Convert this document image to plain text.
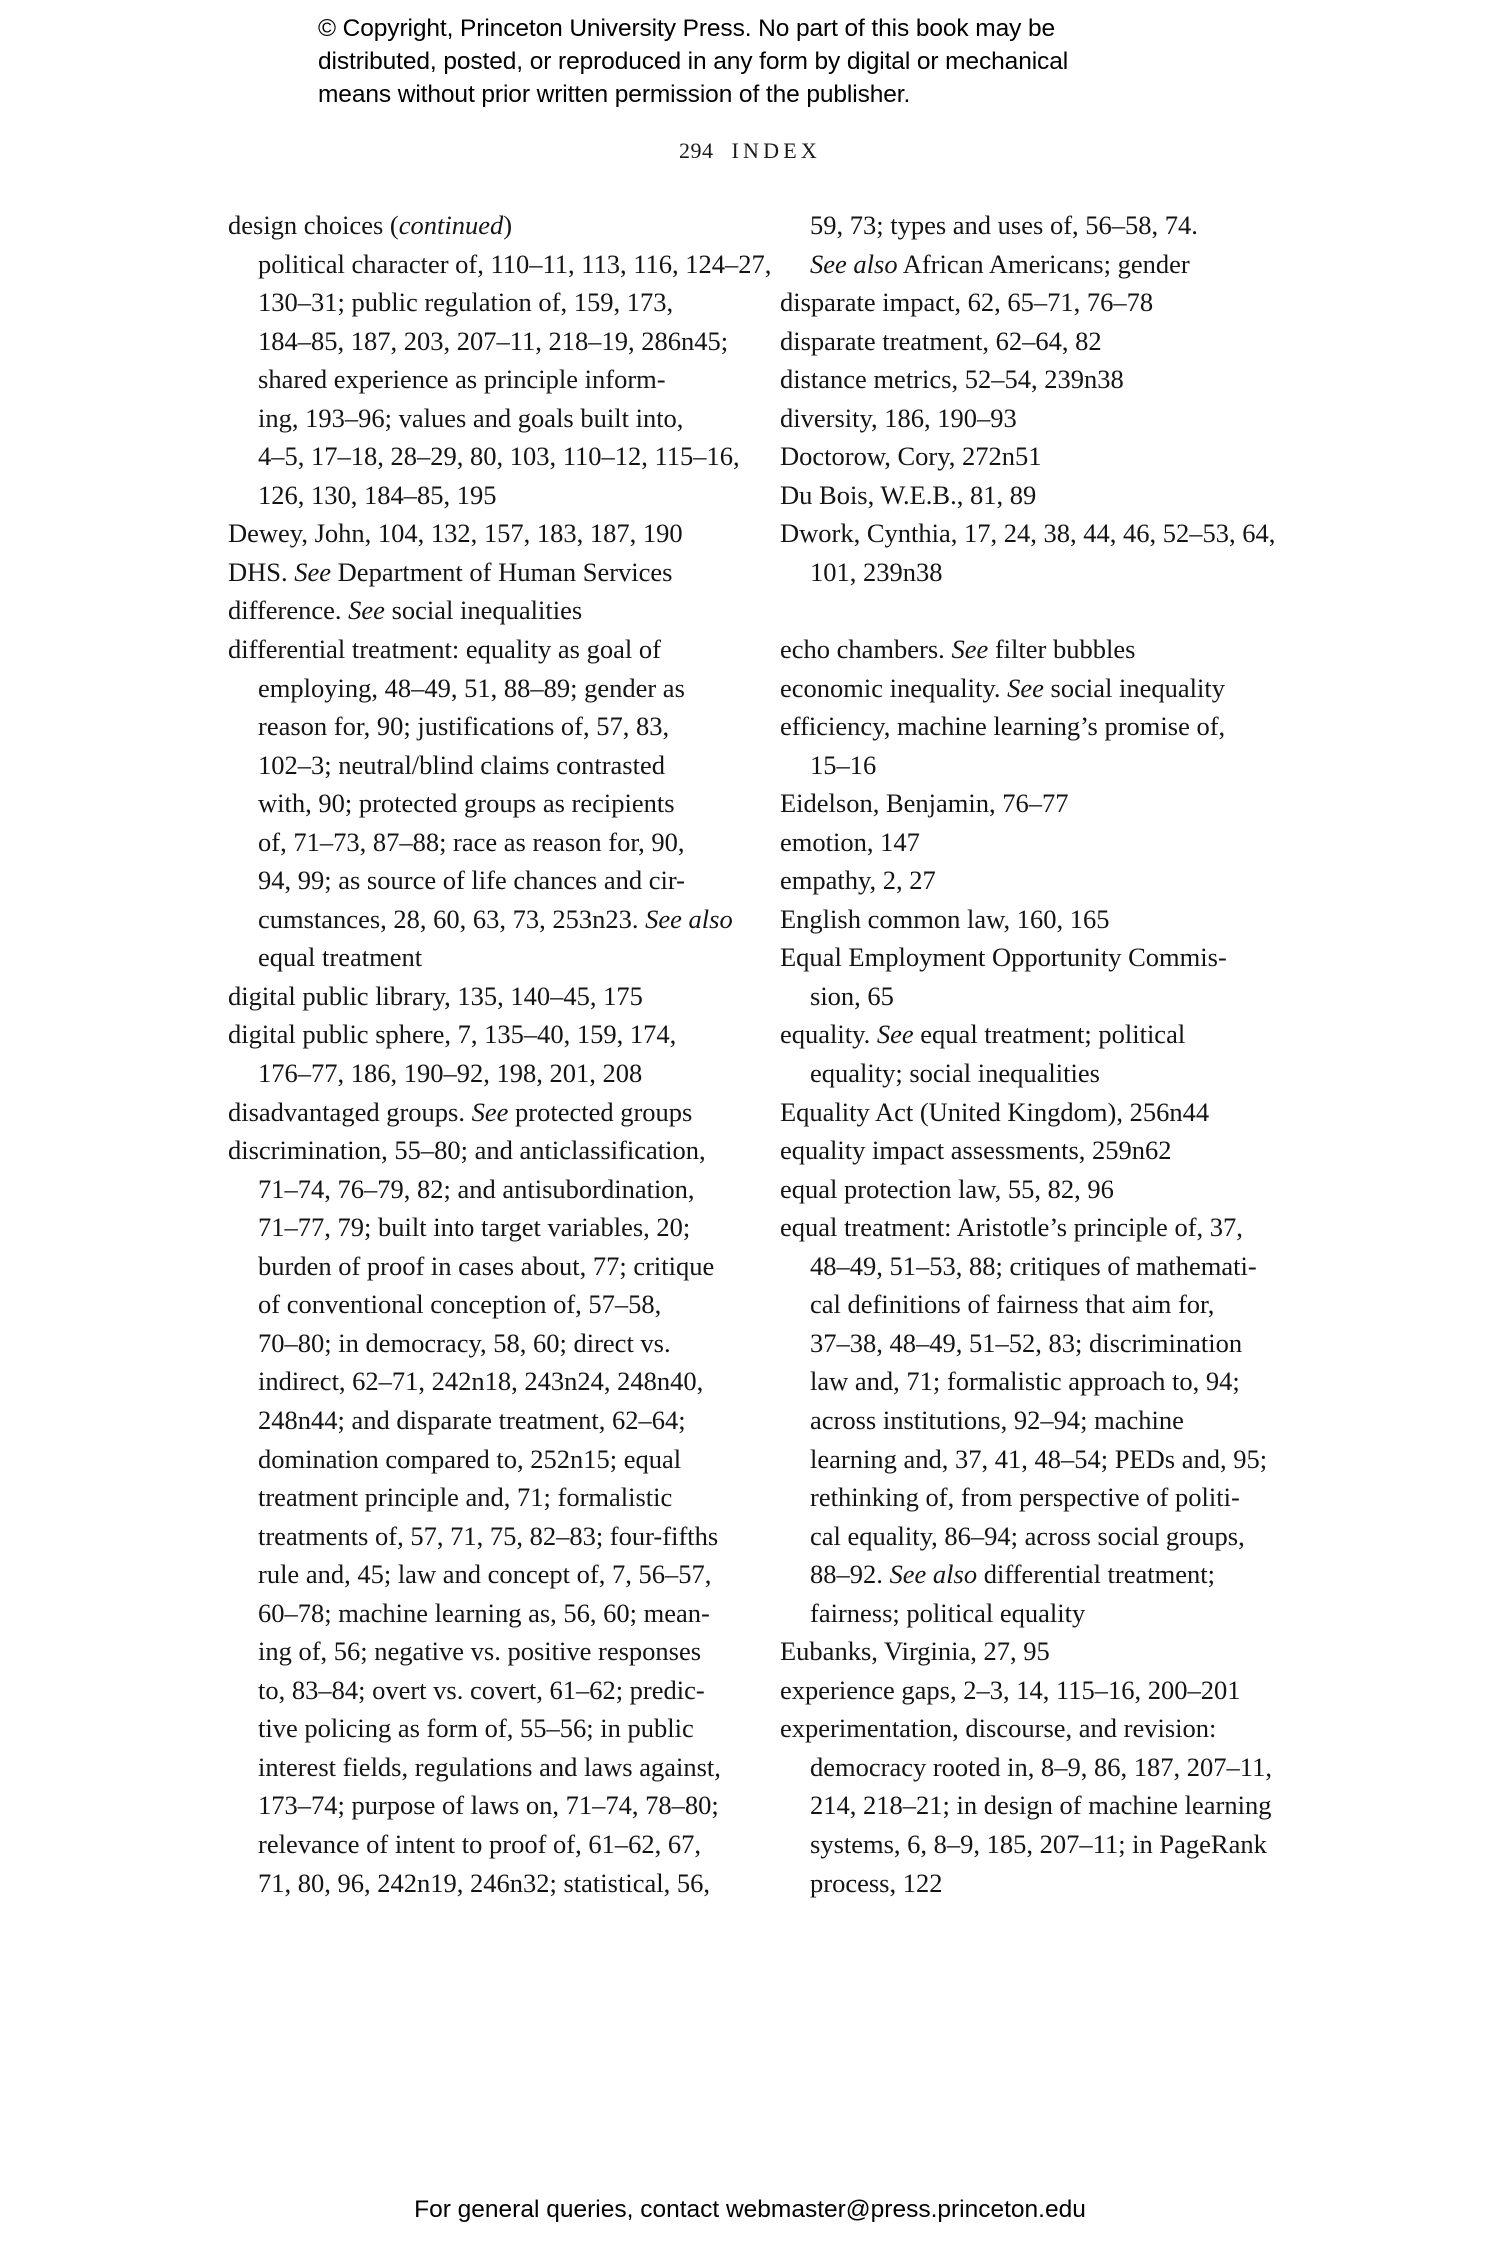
© Copyright, Princeton University Press. No part of this book may be
distributed, posted, or reproduced in any form by digital or mechanical
means without prior written permission of the publisher.
294 INDEX
design choices (continued)
political character of, 110–11, 113, 116, 124–27,
130–31; public regulation of, 159, 173,
184–85, 187, 203, 207–11, 218–19, 286n45;
shared experience as principle inform-
ing, 193–96; values and goals built into,
4–5, 17–18, 28–29, 80, 103, 110–12, 115–16,
126, 130, 184–85, 195
Dewey, John, 104, 132, 157, 183, 187, 190
DHS. See Department of Human Services
difference. See social inequalities
differential treatment: equality as goal of
employing, 48–49, 51, 88–89; gender as
reason for, 90; justifications of, 57, 83,
102–3; neutral/blind claims contrasted
with, 90; protected groups as recipients
of, 71–73, 87–88; race as reason for, 90,
94, 99; as source of life chances and cir-
cumstances, 28, 60, 63, 73, 253n23. See also
equal treatment
digital public library, 135, 140–45, 175
digital public sphere, 7, 135–40, 159, 174,
176–77, 186, 190–92, 198, 201, 208
disadvantaged groups. See protected groups
discrimination, 55–80; and anticlassification,
71–74, 76–79, 82; and antisubordination,
71–77, 79; built into target variables, 20;
burden of proof in cases about, 77; critique
of conventional conception of, 57–58,
70–80; in democracy, 58, 60; direct vs.
indirect, 62–71, 242n18, 243n24, 248n40,
248n44; and disparate treatment, 62–64;
domination compared to, 252n15; equal
treatment principle and, 71; formalistic
treatments of, 57, 71, 75, 82–83; four-fifths
rule and, 45; law and concept of, 7, 56–57,
60–78; machine learning as, 56, 60; mean-
ing of, 56; negative vs. positive responses
to, 83–84; overt vs. covert, 61–62; predic-
tive policing as form of, 55–56; in public
interest fields, regulations and laws against,
173–74; purpose of laws on, 71–74, 78–80;
relevance of intent to proof of, 61–62, 67,
71, 80, 96, 242n19, 246n32; statistical, 56,
59, 73; types and uses of, 56–58, 74.
See also African Americans; gender
disparate impact, 62, 65–71, 76–78
disparate treatment, 62–64, 82
distance metrics, 52–54, 239n38
diversity, 186, 190–93
Doctorow, Cory, 272n51
Du Bois, W.E.B., 81, 89
Dwork, Cynthia, 17, 24, 38, 44, 46, 52–53, 64,
101, 239n38
echo chambers. See filter bubbles
economic inequality. See social inequality
efficiency, machine learning’s promise of,
15–16
Eidelson, Benjamin, 76–77
emotion, 147
empathy, 2, 27
English common law, 160, 165
Equal Employment Opportunity Commis-
sion, 65
equality. See equal treatment; political
equality; social inequalities
Equality Act (United Kingdom), 256n44
equality impact assessments, 259n62
equal protection law, 55, 82, 96
equal treatment: Aristotle’s principle of, 37,
48–49, 51–53, 88; critiques of mathemati-
cal definitions of fairness that aim for,
37–38, 48–49, 51–52, 83; discrimination
law and, 71; formalistic approach to, 94;
across institutions, 92–94; machine
learning and, 37, 41, 48–54; PEDs and, 95;
rethinking of, from perspective of politi-
cal equality, 86–94; across social groups,
88–92. See also differential treatment;
fairness; political equality
Eubanks, Virginia, 27, 95
experience gaps, 2–3, 14, 115–16, 200–201
experimentation, discourse, and revision:
democracy rooted in, 8–9, 86, 187, 207–11,
214, 218–21; in design of machine learning
systems, 6, 8–9, 185, 207–11; in PageRank
process, 122
For general queries, contact webmaster@press.princeton.edu
